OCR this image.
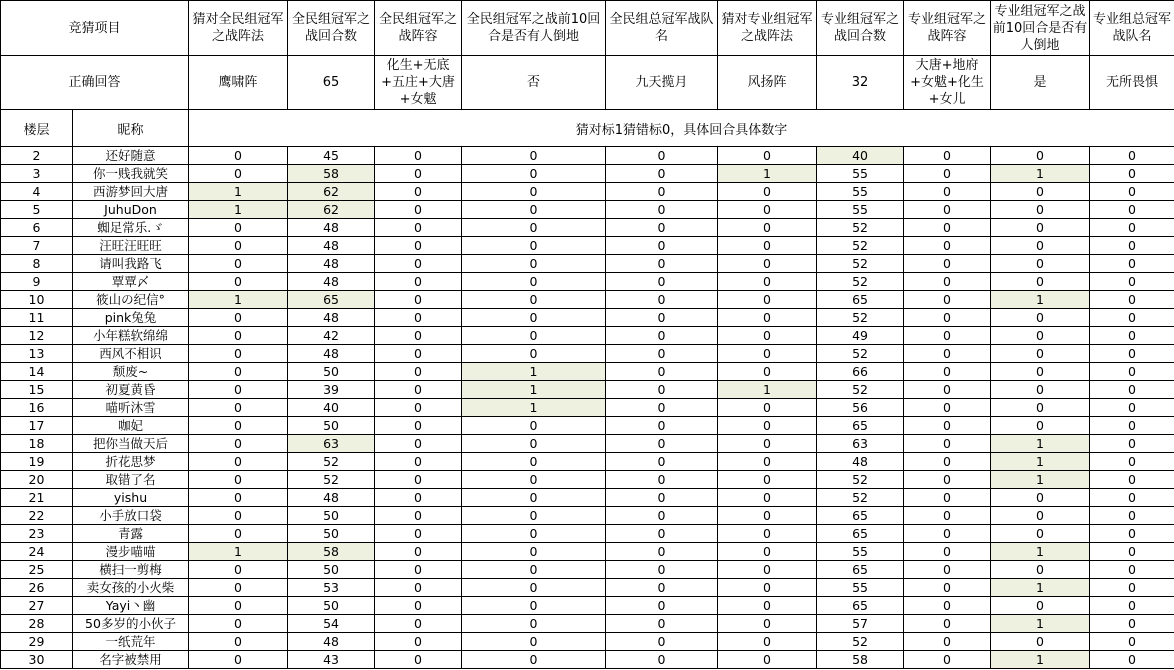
竞猜项目		猜对全民组冠军之战阵法	全民组冠军之战回合数	全民组冠军之战阵容	全民组冠军之战前10回合是否有人倒地	全民组总冠军战队名	猜对专业组冠军之战阵法	专业组冠军之战回合数	专业组冠军之战阵容	专业组冠军之战前10回合是否有人倒地	专业组总冠军战队名
正确回答		鹰啸阵	65	化生+无底+五庄+大唐+女魃	否	九天揽月	风扬阵	32	大唐+地府+女魃+化生+女儿	是	无所畏惧
楼层	昵称	猜对标1猜错标0，具体回合具体数字									
2	还好随意	0	45	0	0	0	0	40	0	0	0
3	你一贱我就笑	0	58	0	0	0	1	55	0	1	0
4	西游梦回大唐	1	62	0	0	0	0	55	0	0	0
5	JuhuDon	1	62	0	0	0	0	55	0	0	0
6	蜘足常乐.ゞ	0	48	0	0	0	0	52	0	0	0
7	汪旺汪旺旺	0	48	0	0	0	0	52	0	0	0
8	请叫我路飞	0	48	0	0	0	0	52	0	0	0
9	覃覃〆	0	48	0	0	0	0	52	0	0	0
10	筱山の纪信°	1	65	0	0	0	0	65	0	1	0
11	pink兔兔	0	48	0	0	0	0	52	0	0	0
12	小年糕软绵绵	0	42	0	0	0	0	49	0	0	0
13	西风不相识	0	48	0	0	0	0	52	0	0	0
14	颓废~	0	50	0	1	0	0	66	0	0	0
15	初夏黄昏	0	39	0	1	0	1	52	0	0	0
16	喵听沐雪	0	40	0	1	0	0	56	0	0	0
17	咖妃	0	50	0	0	0	0	65	0	0	0
18	把你当做天后	0	63	0	0	0	0	63	0	1	0
19	折花思梦	0	52	0	0	0	0	48	0	1	0
20	取错了名	0	52	0	0	0	0	52	0	1	0
21	yishu	0	48	0	0	0	0	52	0	0	0
22	小手放口袋	0	50	0	0	0	0	65	0	0	0
23	青露	0	50	0	0	0	0	65	0	0	0
24	漫步喵喵	1	58	0	0	0	0	55	0	1	0
25	横扫一剪梅	0	50	0	0	0	0	65	0	0	0
26	卖女孩的小火柴	0	53	0	0	0	0	55	0	1	0
27	Yayi丶幽	0	50	0	0	0	0	65	0	0	0
28	50多岁的小伙子	0	54	0	0	0	0	57	0	1	0
29	一纸荒年	0	48	0	0	0	0	52	0	0	0
30	名字被禁用	0	43	0	0	0	0	58	0	1	0
